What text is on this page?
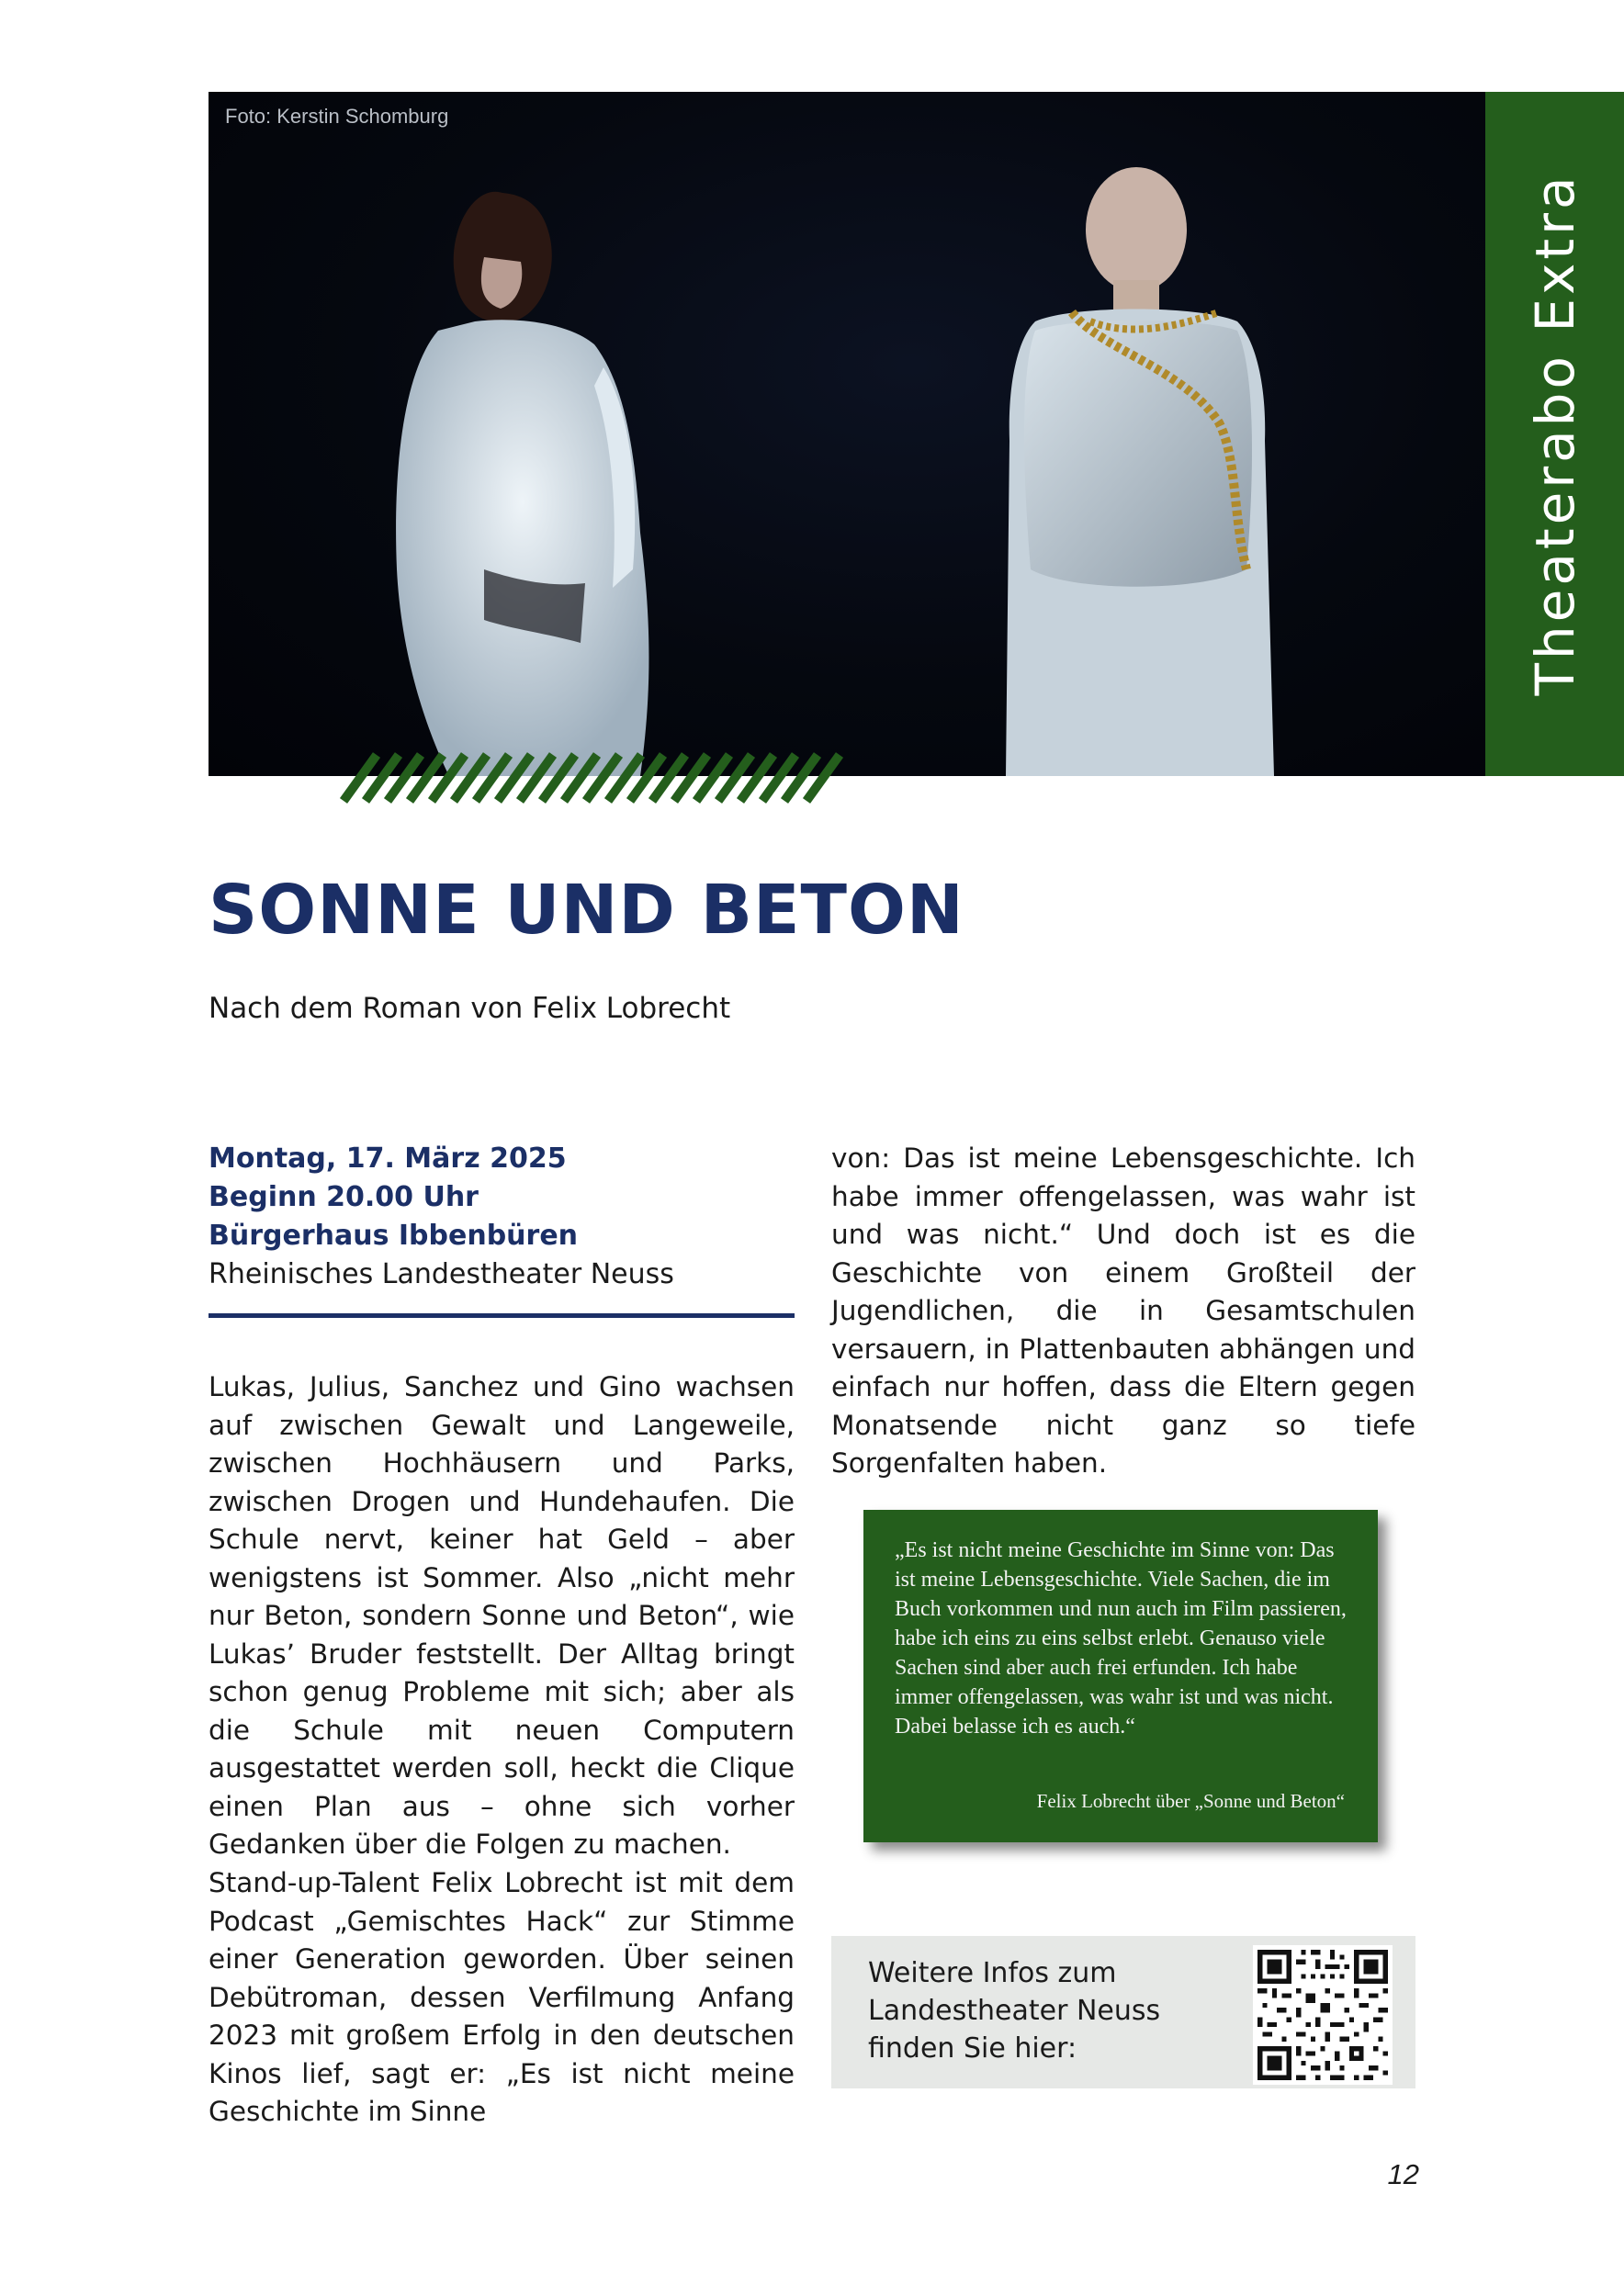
Foto: Kerstin Schomburg
Theaterabo Extra
SONNE UND BETON
Nach dem Roman von Felix Lobrecht
Montag, 17. März 2025
Beginn 20.00 Uhr
Bürgerhaus Ibbenbüren
Rheinisches Landestheater Neuss

Lukas, Julius, Sanchez und Gino wachsen auf zwischen Gewalt und Langeweile, zwischen Hochhäusern und Parks, zwischen Drogen und Hundehaufen. Die Schule nervt, keiner hat Geld – aber wenigstens ist Sommer. Also „nicht mehr nur Beton, sondern Sonne und Beton“, wie Lukas’ Bruder feststellt. Der Alltag bringt schon genug Probleme mit sich; aber als die Schule mit neuen Computern ausgestattet werden soll, heckt die Clique einen Plan aus – ohne sich vorher Gedanken über die Folgen zu machen.

Stand-up-Talent Felix Lobrecht ist mit dem Podcast „Gemischtes Hack“ zur Stimme einer Generation geworden. Über seinen Debütroman, dessen Verfilmung Anfang 2023 mit großem Erfolg in den deutschen Kinos lief, sagt er: „Es ist nicht meine Geschichte im Sinne

von: Das ist meine Lebensgeschichte. Ich habe immer offengelassen, was wahr ist und was nicht.“ Und doch ist es die Geschichte von einem Großteil der Jugendlichen, die in Gesamtschulen versauern, in Plattenbauten abhängen und einfach nur hoffen, dass die Eltern gegen Monatsende nicht ganz so tiefe Sorgenfalten haben.

„Es ist nicht meine Geschichte im Sinne von: Das ist meine Lebensgeschichte. Viele Sachen, die im Buch vorkommen und nun auch im Film passieren, habe ich eins zu eins selbst erlebt. Genauso viele Sachen sind aber auch frei erfunden. Ich habe immer offengelassen, was wahr ist und was nicht. Dabei belasse ich es auch.“

Felix Lobrecht über „Sonne und Beton“
Weitere Infos zum Landestheater Neuss finden Sie hier:
12
